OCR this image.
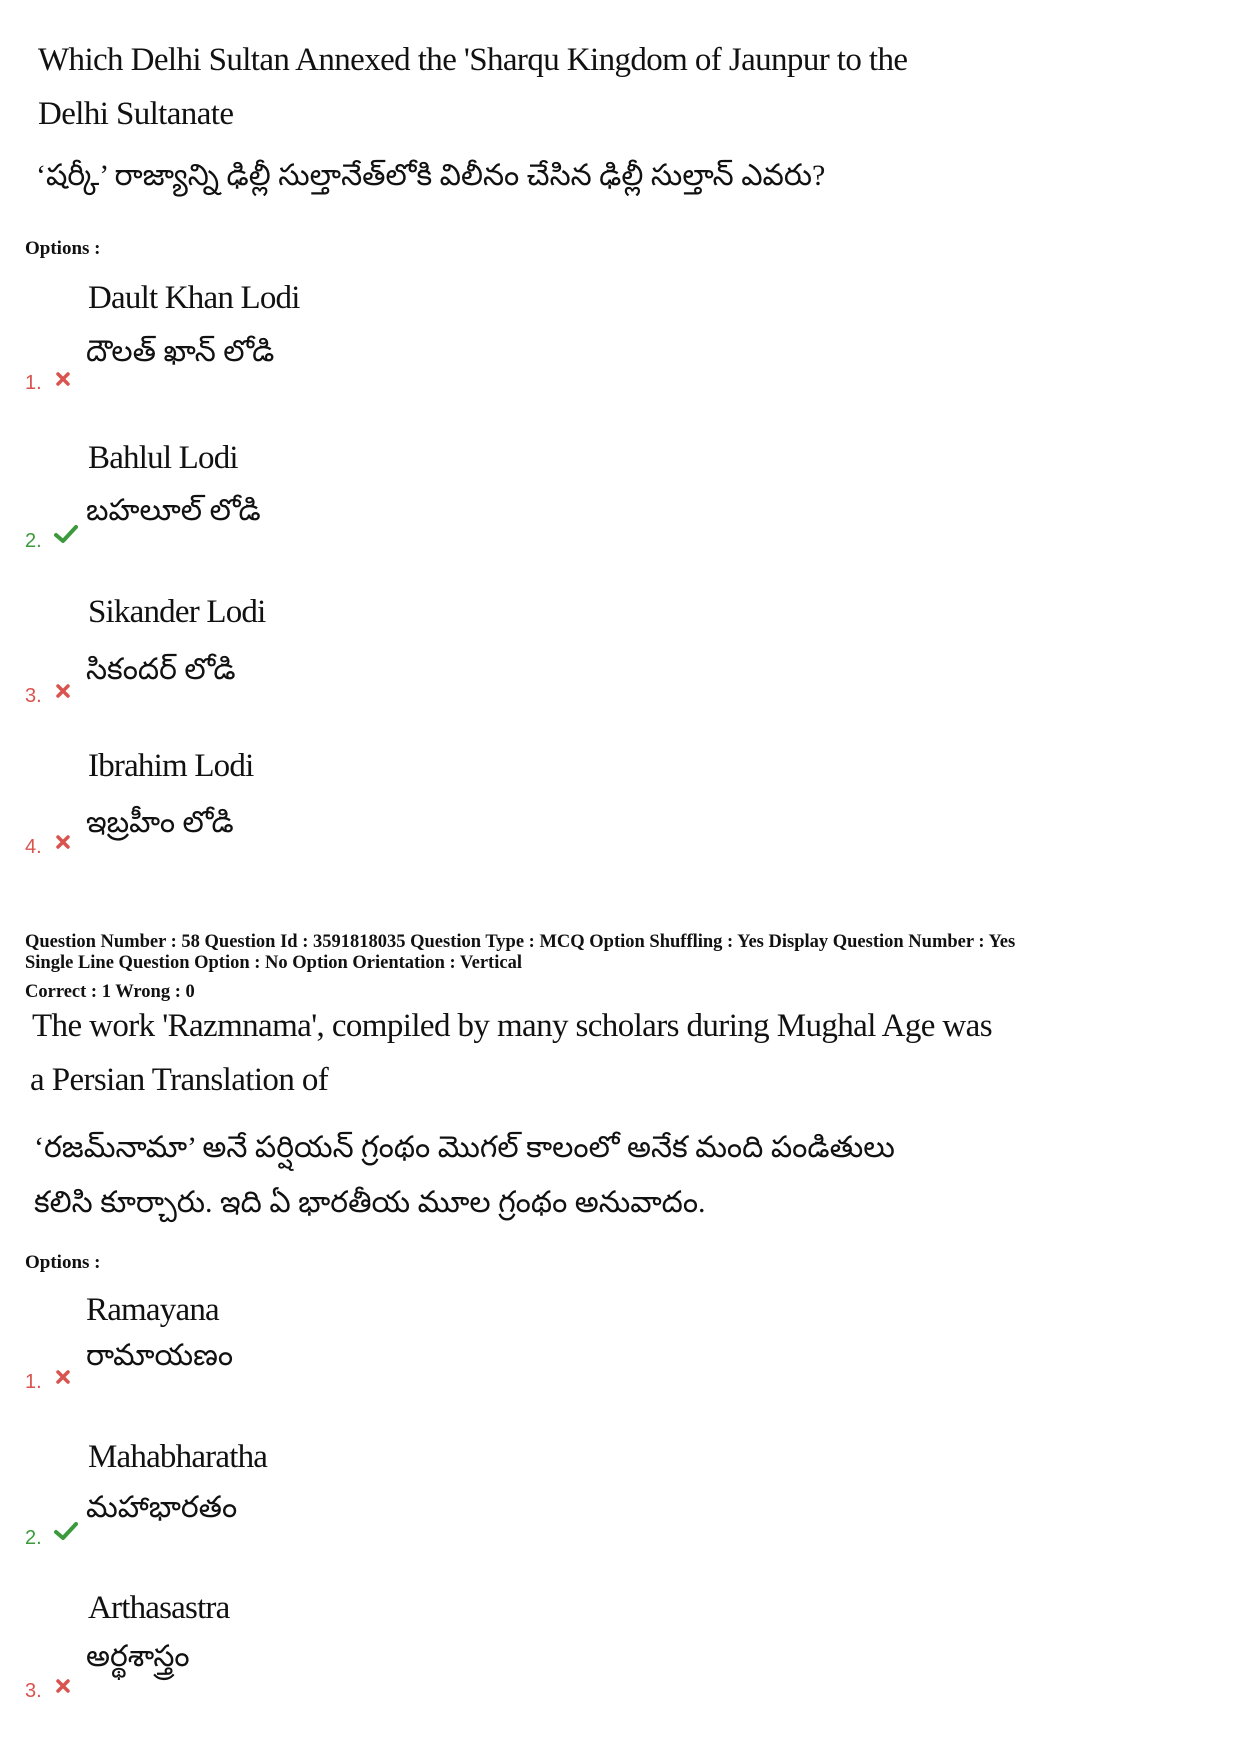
Which Delhi Sultan Annexed the 'Sharqu Kingdom of Jaunpur to the
Delhi Sultanate
‘షర్కీ’ రాజ్యాన్ని ఢిల్లీ సుల్తానేత్‌లోకి విలీనం చేసిన ఢిల్లీ సుల్తాన్ ఎవరు?
Options :
Dault Khan Lodi
దౌలత్ ఖాన్ లోడి
1.
Bahlul Lodi
బహలూల్ లోడి
2.
Sikander Lodi
సికందర్ లోడి
3.
Ibrahim Lodi
ఇబ్రహీం లోడి
4.
Question Number : 58 Question Id : 3591818035 Question Type : MCQ Option Shuffling : Yes Display Question Number : Yes
Single Line Question Option : No Option Orientation : Vertical
Correct : 1 Wrong : 0
The work 'Razmnama', compiled by many scholars during Mughal Age was
a Persian Translation of
‘రజమ్‌నామా’ అనే పర్షియన్ గ్రంథం మొగల్ కాలంలో అనేక మంది పండితులు
కలిసి కూర్చారు. ఇది ఏ భారతీయ మూల గ్రంథం అనువాదం.
Options :
Ramayana
రామాయణం
1.
Mahabharatha
మహాభారతం
2.
Arthasastra
అర్థశాస్త్రం
3.
